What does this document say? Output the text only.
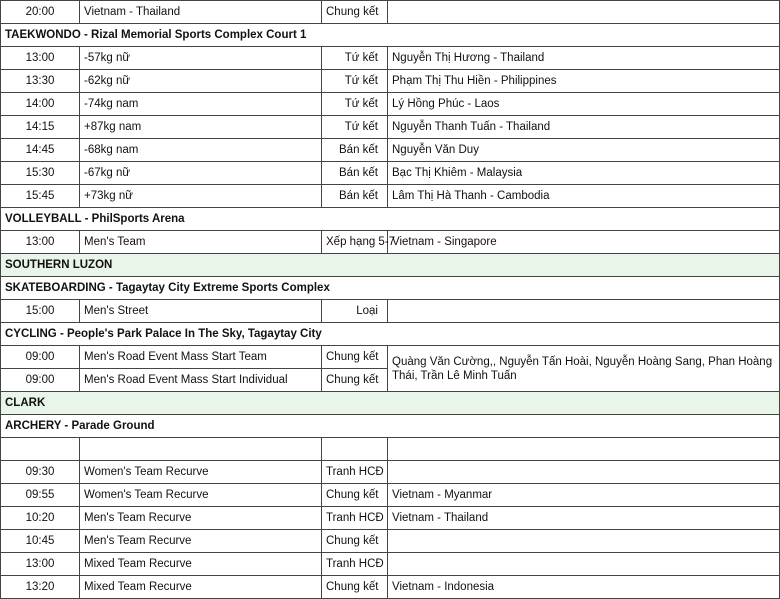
20:00	Vietnam - Thailand	Chung kết	
TAEKWONDO - Rizal Memorial Sports Complex Court 1			
13:00	-57kg nữ	Tứ kết	Nguyễn Thị Hương - Thailand
13:30	-62kg nữ	Tứ kết	Phạm Thị Thu Hiền - Philippines
14:00	-74kg nam	Tứ kết	Lý Hồng Phúc - Laos
14:15	+87kg nam	Tứ kết	Nguyễn Thanh Tuấn - Thailand
14:45	-68kg nam	Bán kết	Nguyễn Văn Duy
15:30	-67kg nữ	Bán kết	Bạc Thị Khiêm - Malaysia
15:45	+73kg nữ	Bán kết	Lâm Thị Hà Thanh - Cambodia
VOLLEYBALL - PhilSports Arena			
13:00	Men's Team	Xếp hạng 5-7	Vietnam - Singapore
SOUTHERN LUZON			
SKATEBOARDING - Tagaytay City Extreme Sports Complex			
15:00	Men's Street	Loại	
CYCLING - People's Park Palace In The Sky, Tagaytay City			
09:00	Men's Road Event Mass Start Team	Chung kết	Quàng Văn Cường,, Nguyễn Tấn Hoài, Nguyễn Hoàng Sang, Phan Hoàng Thái, Trần Lê Minh Tuấn
09:00	Men's Road Event Mass Start Individual	Chung kết	
CLARK			
ARCHERY - Parade Ground			

09:30	Women's Team Recurve	Tranh HCĐ	
09:55	Women's Team Recurve	Chung kết	Vietnam - Myanmar
10:20	Men's Team Recurve	Tranh HCĐ	Vietnam - Thailand
10:45	Men's Team Recurve	Chung kết	
13:00	Mixed Team Recurve	Tranh HCĐ	
13:20	Mixed Team Recurve	Chung kết	Vietnam - Indonesia
